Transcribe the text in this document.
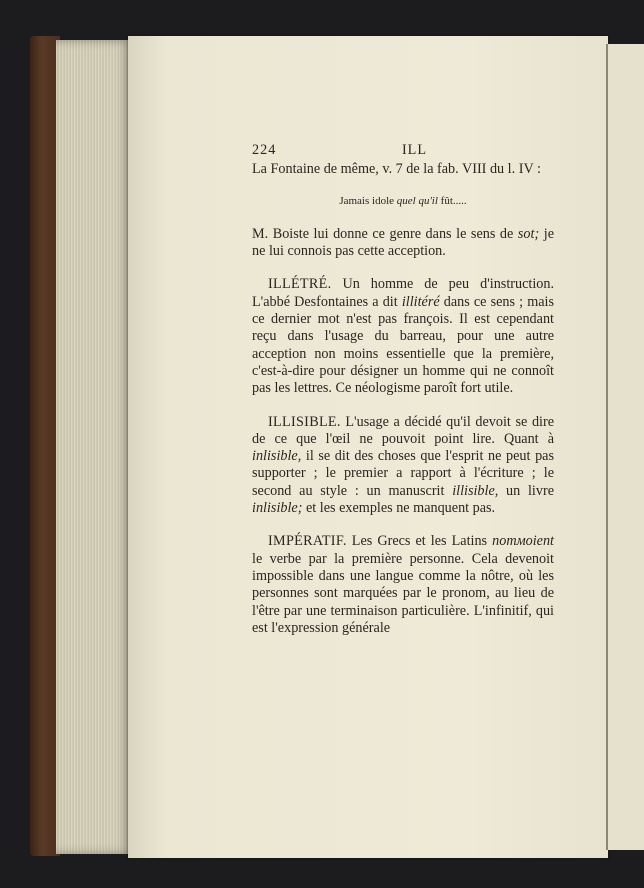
224	ILL

La Fontaine de même, v. 7 de la fab. VIII du l. IV :

Jamais idole quel qu'il fût.....

M. Boiste lui donne ce genre dans le sens de sot; je ne lui connois pas cette acception.

ILLÉTRÉ. Un homme de peu d'instruction. L'abbé Desfontaines a dit illitéré dans ce sens ; mais ce dernier mot n'est pas françois. Il est cependant reçu dans l'usage du barreau, pour une autre acception non moins essentielle que la première, c'est-à-dire pour désigner un homme qui ne connoît pas les lettres. Ce néologisme paroît fort utile.

ILLISIBLE. L'usage a décidé qu'il devoit se dire de ce que l'œil ne pouvoit point lire. Quant à inlisible, il se dit des choses que l'esprit ne peut pas supporter ; le premier a rapport à l'écriture ; le second au style : un manuscrit illisible, un livre inlisible; et les exemples ne manquent pas.

IMPÉRATIF. Les Grecs et les Latins nomмoient le verbe par la première personne. Cela devenoit impossible dans une langue comme la nôtre, où les personnes sont marquées par le pronom, au lieu de l'être par une terminaison particulière. L'infinitif, qui est l'expression générale
